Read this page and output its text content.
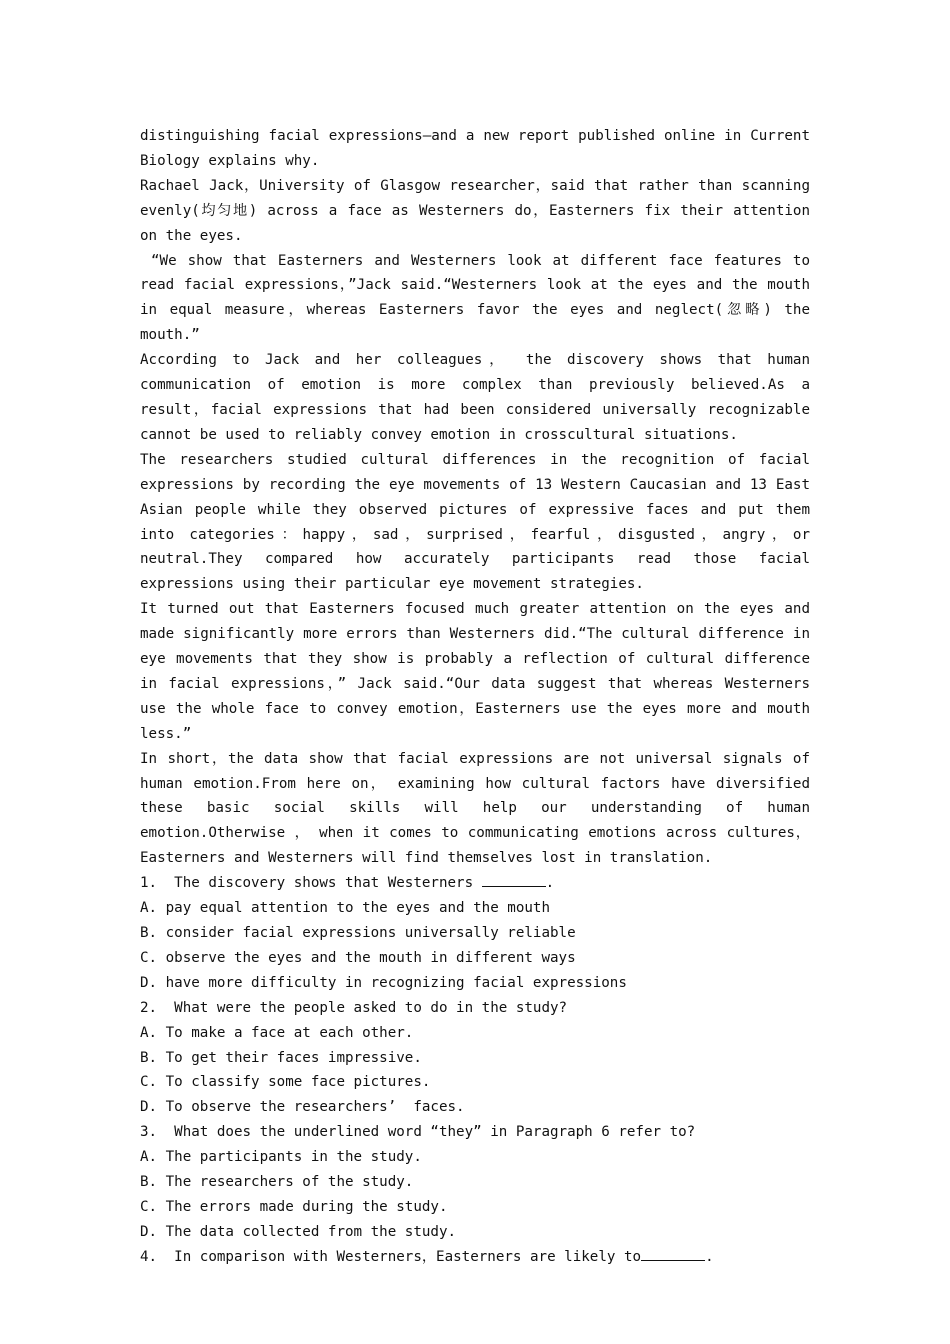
distinguishing facial expressions—and a new report published online in Current Biology explains why.

Rachael Jack，University of Glasgow researcher，said that rather than scanning evenly(均匀地) across a face as Westerners do，Easterners fix their attention on the eyes.

“We show that Easterners and Westerners look at different face features to read facial expressions，”Jack said.“Westerners look at the eyes and the mouth in equal measure，whereas Easterners favor the eyes and neglect(忽略) the mouth.”

According to Jack and her colleagues， the discovery shows that human communication of emotion is more complex than previously believed.As a result，facial expressions that had been considered universally recognizable cannot be used to reliably convey emotion in crosscultural situations.

The researchers studied cultural differences in the recognition of facial expressions by recording the eye movements of 13 Western Caucasian and 13 East Asian people while they observed pictures of expressive faces and put them into categories：happy，sad，surprised，fearful，disgusted，angry，or neutral.They compared how accurately participants read those facial expressions using their particular eye movement strategies.

It turned out that Easterners focused much greater attention on the eyes and made significantly more errors than Westerners did.“The cultural difference in eye movements that they show is probably a reflection of cultural difference in facial expressions，” Jack said.“Our data suggest that whereas Westerners use the whole face to convey emotion，Easterners use the eyes more and mouth less.”

In short，the data show that facial expressions are not universal signals of human emotion.From here on， examining how cultural factors have diversified these basic social skills will help our understanding of human emotion.Otherwise ， when it comes to communicating emotions across cultures，Easterners and Westerners will find themselves lost in translation.

1.  The discovery shows that Westerners	.

A. pay equal attention to the eyes and the mouth

B. consider facial expressions universally reliable

C. observe the eyes and the mouth in different ways

D. have more difficulty in recognizing facial expressions

2.  What were the people asked to do in the study?

A. To make a face at each other.

B. To get their faces impressive.

C. To classify some face pictures.

D. To observe the researchers’  faces.

3.  What does the underlined word “they” in Paragraph 6 refer to?

A. The participants in the study.

B. The researchers of the study.

C. The errors made during the study.

D. The data collected from the study.

4.  In comparison with Westerners，Easterners are likely to	.
